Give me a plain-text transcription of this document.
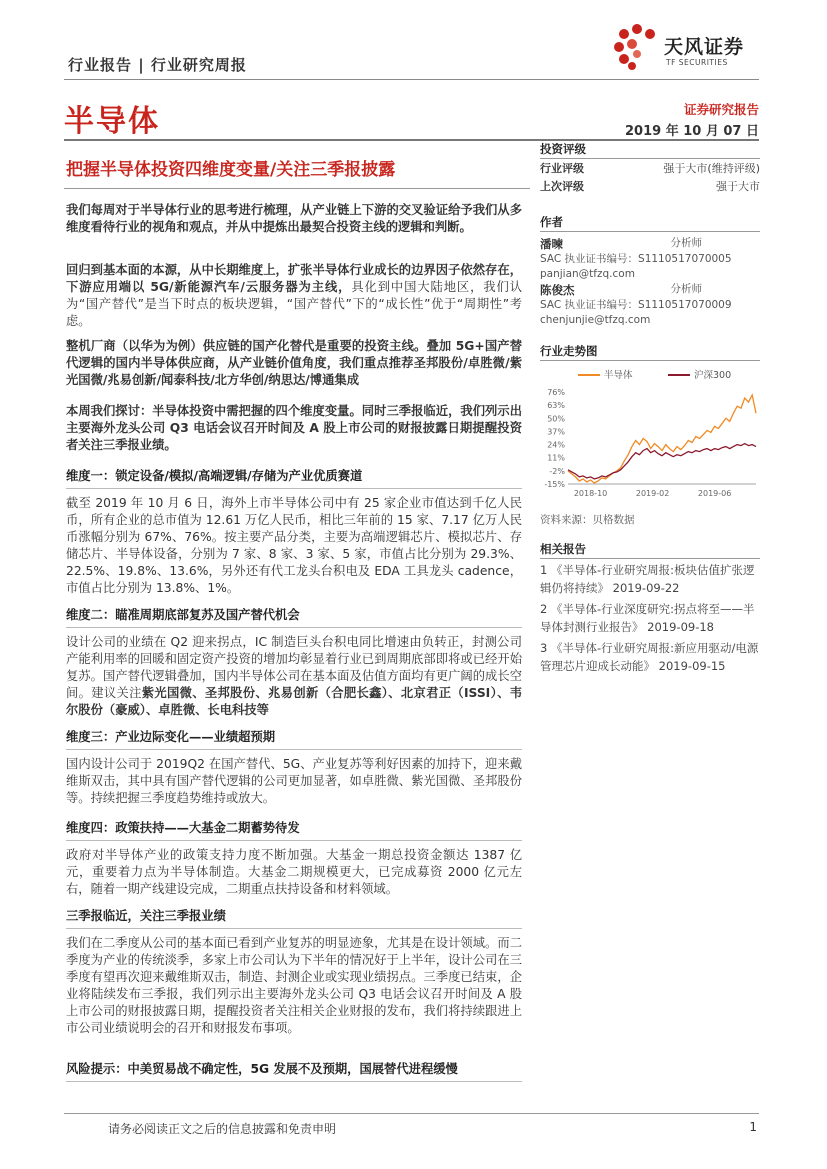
行业报告 | 行业研究周报
天风证券
TF SECURITIES
半导体	证券研究报告
2019 年 10 月 07 日
把握半导体投资四维度变量/关注三季报披露
我们每周对于半导体行业的思考进行梳理，从产业链上下游的交叉验证给予我们从多维度看待行业的视角和观点，并从中提炼出最契合投资主线的逻辑和判断。
回归到基本面的本源，从中长期维度上，扩张半导体行业成长的边界因子依然存在，下游应用端以 5G/新能源汽车/云服务器为主线，具化到中国大陆地区，我们认为“国产替代”是当下时点的板块逻辑，“国产替代”下的“成长性”优于“周期性”考虑。
整机厂商（以华为为例）供应链的国产化替代是重要的投资主线。叠加 5G+国产替代逻辑的国内半导体供应商，从产业链价值角度，我们重点推荐圣邦股份/卓胜微/紫光国微/兆易创新/闻泰科技/北方华创/纳思达/博通集成
本周我们探讨：半导体投资中需把握的四个维度变量。同时三季报临近，我们列示出主要海外龙头公司 Q3 电话会议召开时间及 A 股上市公司的财报披露日期提醒投资者关注三季报业绩。
维度一：锁定设备/模拟/高端逻辑/存储为产业优质赛道
截至 2019 年 10 月 6 日，海外上市半导体公司中有 25 家企业市值达到千亿人民币，所有企业的总市值为 12.61 万亿人民币，相比三年前的 15 家、7.17 亿万人民币涨幅分别为 67%、76%。按主要产品分类，主要为高端逻辑芯片、模拟芯片、存储芯片、半导体设备，分别为 7 家、8 家、3 家、5 家，市值占比分别为 29.3%、22.5%、19.8%、13.6%，另外还有代工龙头台积电及 EDA 工具龙头 cadence，市值占比分别为 13.8%、1%。
维度二：瞄准周期底部复苏及国产替代机会
设计公司的业绩在 Q2 迎来拐点，IC 制造巨头台积电同比增速由负转正，封测公司产能利用率的回暖和固定资产投资的增加均彰显着行业已到周期底部即将或已经开始复苏。国产替代逻辑叠加，国内半导体公司在基本面及估值方面均有更广阔的成长空间。建议关注紫光国微、圣邦股份、兆易创新（合肥长鑫）、北京君正（ISSI）、韦尔股份（豪威）、卓胜微、长电科技等
维度三：产业边际变化——业绩超预期
国内设计公司于 2019Q2 在国产替代、5G、产业复苏等利好因素的加持下，迎来戴维斯双击，其中具有国产替代逻辑的公司更加显著，如卓胜微、紫光国微、圣邦股份等。持续把握三季度趋势维持或放大。
维度四：政策扶持——大基金二期蓄势待发
政府对半导体产业的政策支持力度不断加强。大基金一期总投资金额达 1387 亿元，重要着力点为半导体制造。大基金二期规模更大，已完成募资 2000 亿元左右，随着一期产线建设完成，二期重点扶持设备和材料领域。
三季报临近，关注三季报业绩
我们在二季度从公司的基本面已看到产业复苏的明显迹象，尤其是在设计领域。而二季度为产业的传统淡季，多家上市公司认为下半年的情况好于上半年，设计公司在三季度有望再次迎来戴维斯双击，制造、封测企业或实现业绩拐点。三季度已结束，企业将陆续发布三季报，我们列示出主要海外龙头公司 Q3 电话会议召开时间及 A 股上市公司的财报披露日期，提醒投资者关注相关企业财报的发布，我们将持续跟进上市公司业绩说明会的召开和财报发布事项。
风险提示：中美贸易战不确定性，5G 发展不及预期，国展替代进程缓慢
投资评级
行业评级	强于大市(维持评级)
上次评级	强于大市
作者
潘暕	分析师
SAC 执业证书编号：S1110517070005
panjian@tfzq.com
陈俊杰	分析师
SAC 执业证书编号：S1110517070009
chenjunjie@tfzq.com
行业走势图
半导体	沪深300
76%
63%
50%
37%
24%
11%
-2%
-15%
2018-10	2019-02	2019-06
资料来源：贝格数据
相关报告
1 《半导体-行业研究周报:板块估值扩张逻辑仍将持续》 2019-09-22
2 《半导体-行业深度研究:拐点将至——半导体封测行业报告》 2019-09-18
3 《半导体-行业研究周报:新应用驱动/电源管理芯片迎成长动能》 2019-09-15
请务必阅读正文之后的信息披露和免责申明	1
